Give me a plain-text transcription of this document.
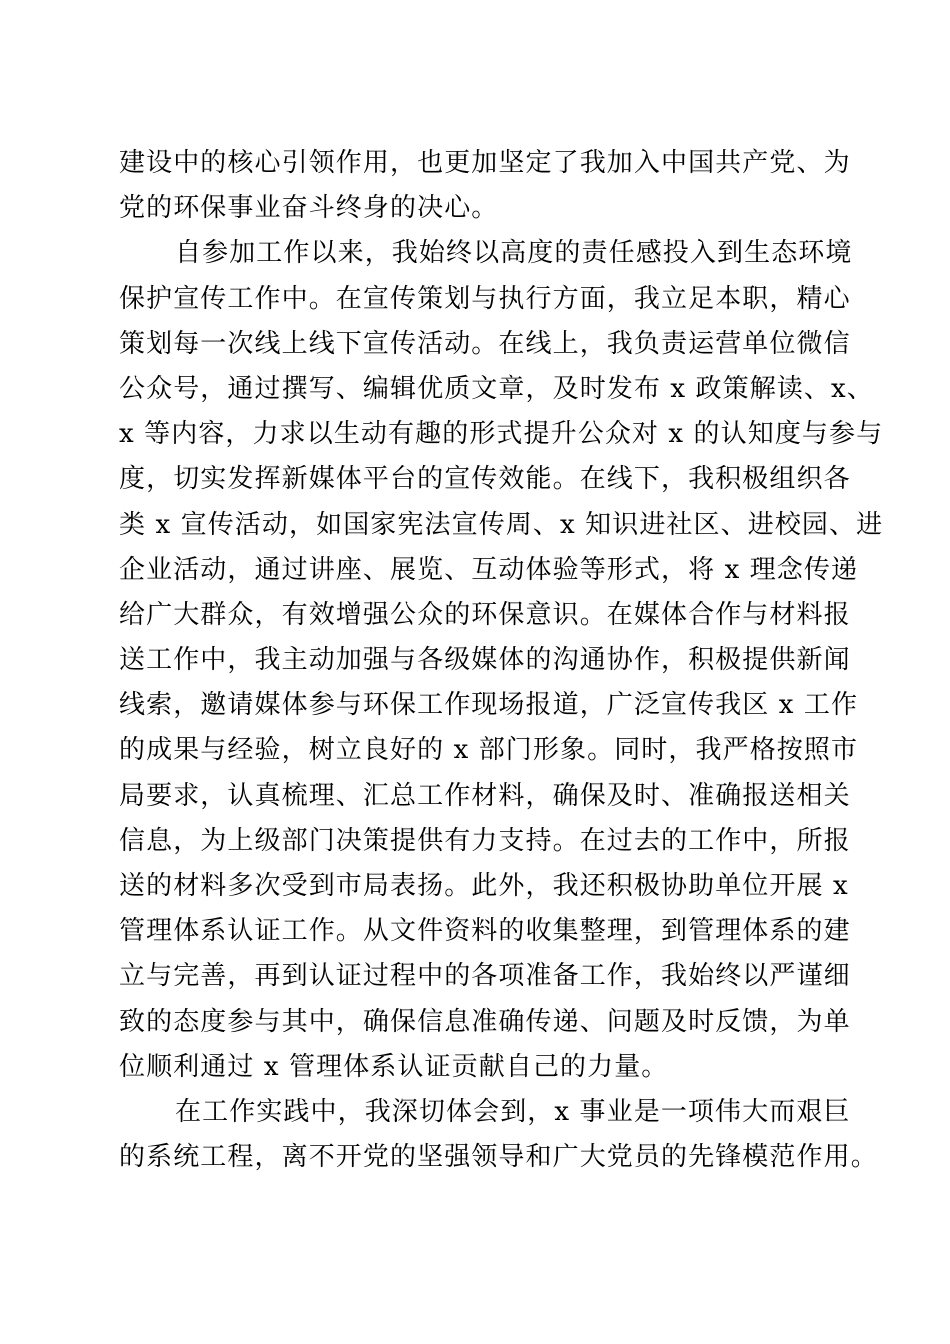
建设中的核心引领作用，也更加坚定了我加入中国共产党、为
党的环保事业奋斗终身的决心。
自参加工作以来，我始终以高度的责任感投入到生态环境
保护宣传工作中。在宣传策划与执行方面，我立足本职，精心
策划每一次线上线下宣传活动。在线上，我负责运营单位微信
公众号，通过撰写、编辑优质文章，及时发布 x 政策解读、x、
x 等内容，力求以生动有趣的形式提升公众对 x 的认知度与参与
度，切实发挥新媒体平台的宣传效能。在线下，我积极组织各
类 x 宣传活动，如国家宪法宣传周、x 知识进社区、进校园、进
企业活动，通过讲座、展览、互动体验等形式，将 x 理念传递
给广大群众，有效增强公众的环保意识。在媒体合作与材料报
送工作中，我主动加强与各级媒体的沟通协作，积极提供新闻
线索，邀请媒体参与环保工作现场报道，广泛宣传我区 x 工作
的成果与经验，树立良好的 x 部门形象。同时，我严格按照市
局要求，认真梳理、汇总工作材料，确保及时、准确报送相关
信息，为上级部门决策提供有力支持。在过去的工作中，所报
送的材料多次受到市局表扬。此外，我还积极协助单位开展 x
管理体系认证工作。从文件资料的收集整理，到管理体系的建
立与完善，再到认证过程中的各项准备工作，我始终以严谨细
致的态度参与其中，确保信息准确传递、问题及时反馈，为单
位顺利通过 x 管理体系认证贡献自己的力量。
在工作实践中，我深切体会到，x 事业是一项伟大而艰巨
的系统工程，离不开党的坚强领导和广大党员的先锋模范作用。
